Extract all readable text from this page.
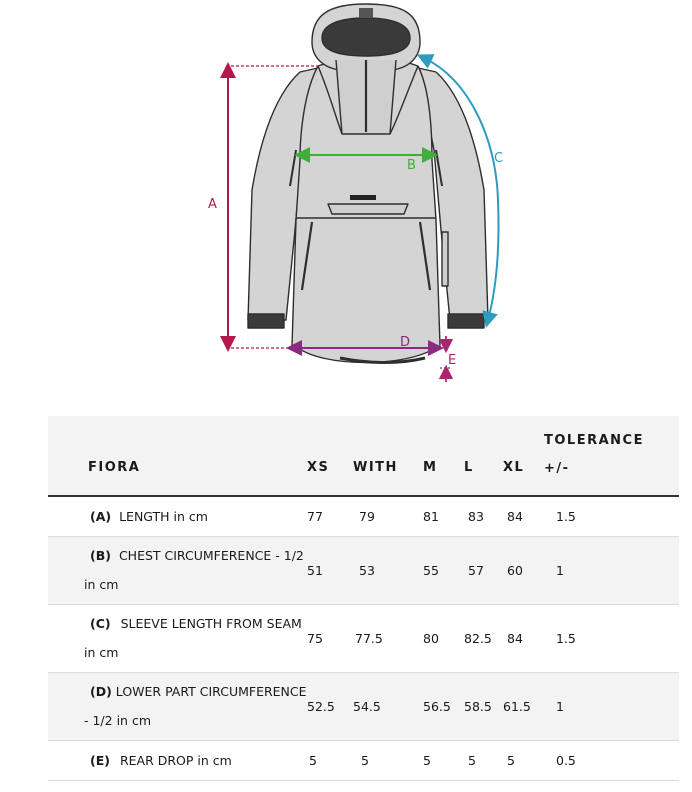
A
B	C
D
E
FIORA	XS	WITH	M	L	XL	TOLERANCE
+/-

(A) LENGTH in cm	77	79	81	83	84	1.5

(B) CHEST CIRCUMFERENCE - 1/2
in cm	51	53	55	57	60	1

(C) SLEEVE LENGTH FROM SEAM
in cm	75	77.5	80	82.5	84	1.5

(D) LOWER PART CIRCUMFERENCE
- 1/2 in cm	52.5	54.5	56.5	58.5	61.5	1
(E) REAR DROP in cm	5	5	5	5	5	0.5
